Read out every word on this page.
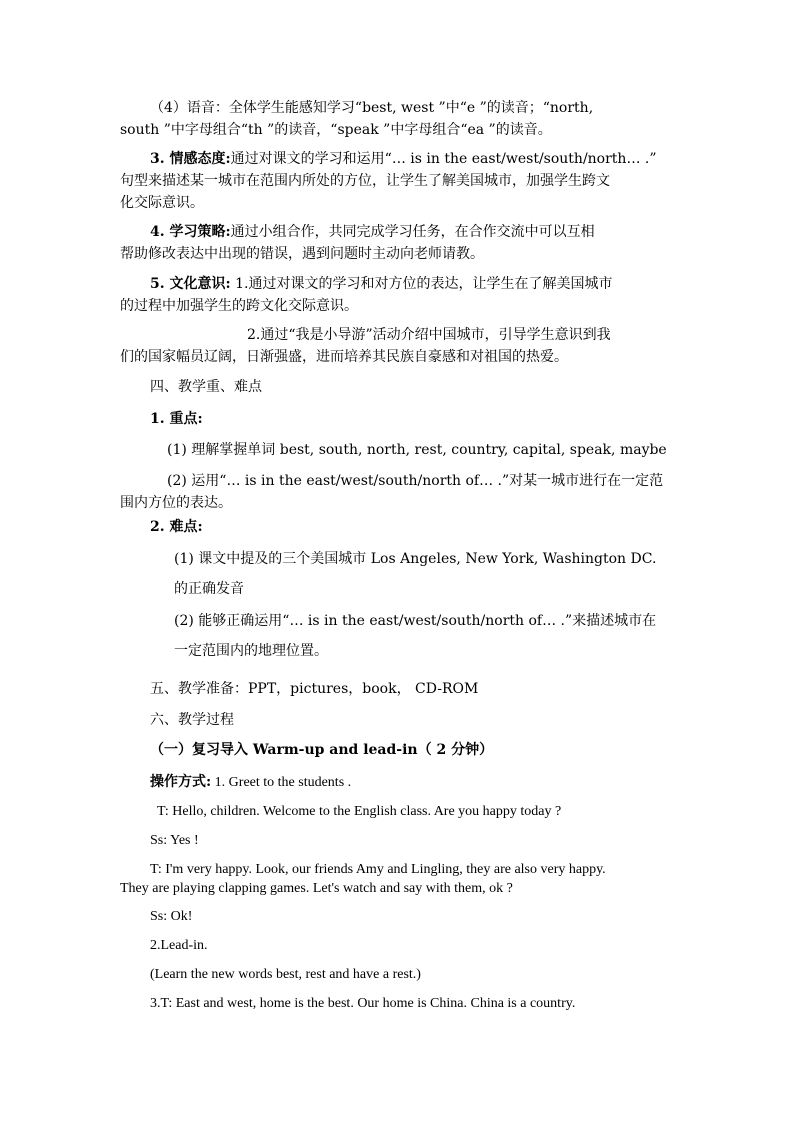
（4）语音：全体学生能感知学习“best, west ”中“e ”的读音；“north,
south ”中字母组合“th ”的读音，“speak ”中字母组合“ea ”的读音。
3. 情感态度:通过对课文的学习和运用“… is in the east/west/south/north… .”
句型来描述某一城市在范围内所处的方位，让学生了解美国城市，加强学生跨文
化交际意识。
4. 学习策略:通过小组合作，共同完成学习任务，在合作交流中可以互相
帮助修改表达中出现的错误，遇到问题时主动向老师请教。
5. 文化意识: 1.通过对课文的学习和对方位的表达，让学生在了解美国城市
的过程中加强学生的跨文化交际意识。
2.通过“我是小导游”活动介绍中国城市，引导学生意识到我
们的国家幅员辽阔，日渐强盛，进而培养其民族自豪感和对祖国的热爱。
四、教学重、难点
1. 重点:
(1) 理解掌握单词 best, south, north, rest, country, capital, speak, maybe
(2) 运用“… is in the east/west/south/north of… .”对某一城市进行在一定范
围内方位的表达。
2. 难点:
(1) 课文中提及的三个美国城市 Los Angeles, New York, Washington DC.
的正确发音
(2) 能够正确运用“… is in the east/west/south/north of… .”来描述城市在
一定范围内的地理位置。
五、教学准备：PPT，pictures，book， CD-ROM
六、教学过程
（一）复习导入 Warm-up and lead-in（ 2 分钟）
操作方式: 1. Greet to the students .
T: Hello, children. Welcome to the English class. Are you happy today ?
Ss: Yes !
T: I'm very happy. Look, our friends Amy and Lingling, they are also very happy.
They are playing clapping games. Let's watch and say with them, ok ?
Ss: Ok!
2.Lead-in.
(Learn the new words best, rest and have a rest.)
3.T: East and west, home is the best. Our home is China. China is a country.
